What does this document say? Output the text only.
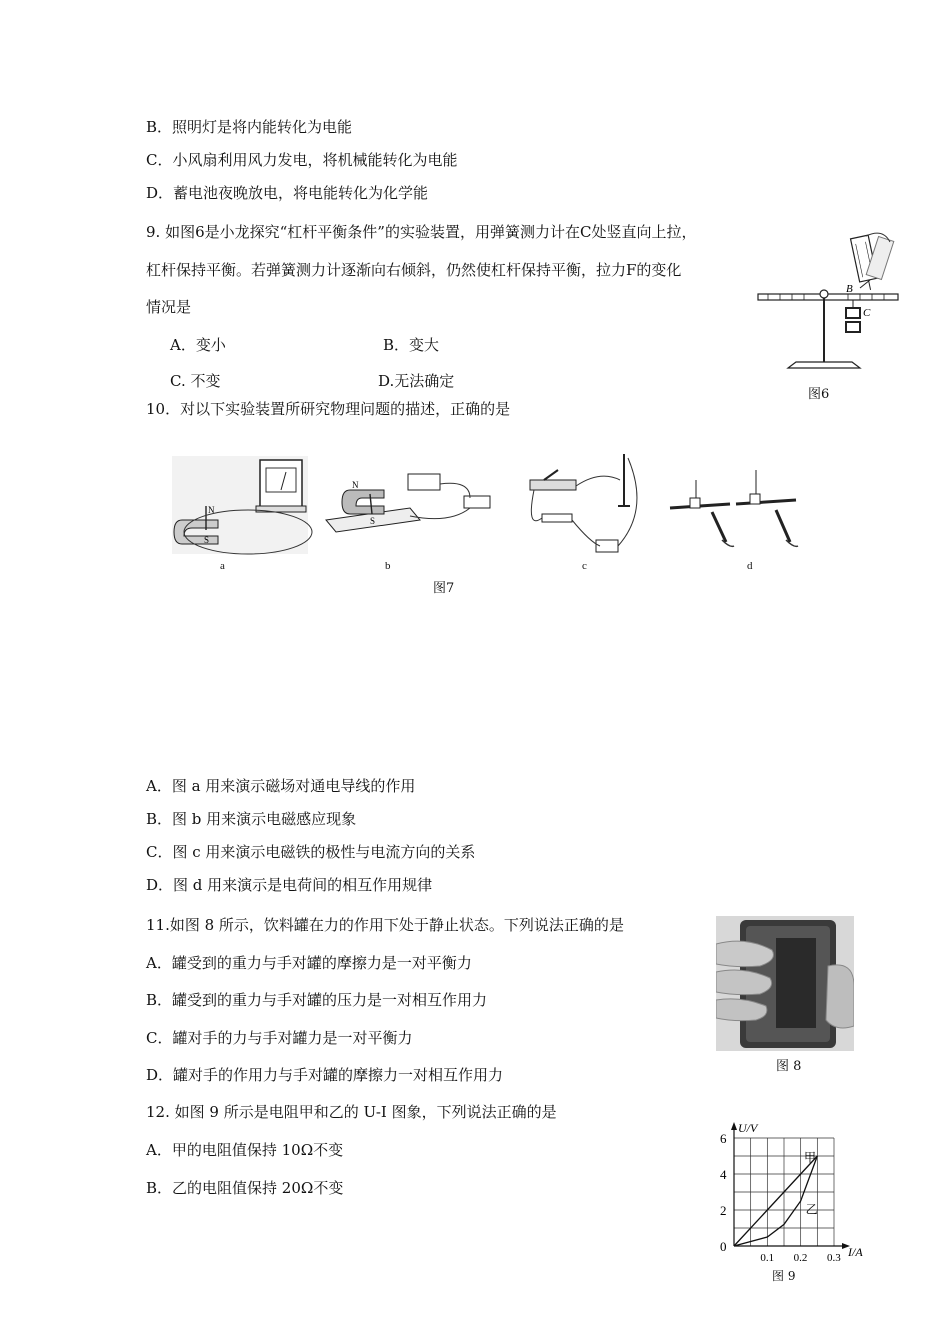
B．照明灯是将内能转化为电能
C．小风扇利用风力发电，将机械能转化为电能
D．蓄电池夜晚放电，将电能转化为化学能
9. 如图6是小龙探究“杠杆平衡条件”的实验装置，用弹簧测力计在C处竖直向上拉，
杠杆保持平衡。若弹簧测力计逐渐向右倾斜，仍然使杠杆保持平衡，拉力F的变化
情况是
A．变小	B．变大
C. 不变	D.无法确定
B
C
图6
10．对以下实验装置所研究物理问题的描述，正确的是
N
S
N
S
a	b	c	d
图7
A．图 a 用来演示磁场对通电导线的作用
B．图 b 用来演示电磁感应现象
C．图 c 用来演示电磁铁的极性与电流方向的关系
D．图 d 用来演示是电荷间的相互作用规律
11.如图 8 所示，饮料罐在力的作用下处于静止状态。下列说法正确的是
A．罐受到的重力与手对罐的摩擦力是一对平衡力
B．罐受到的重力与手对罐的压力是一对相互作用力
C．罐对手的力与手对罐力是一对平衡力
D．罐对手的作用力与手对罐的摩擦力一对相互作用力	图 8
12. 如图 9 所示是电阻甲和乙的 U-I 图象，下列说法正确的是
A．甲的电阻值保持 10Ω不变
B．乙的电阻值保持 20Ω不变
甲
乙
0.1 0.2 0.3
0
2
4
6
I/A
U/V
图 9
